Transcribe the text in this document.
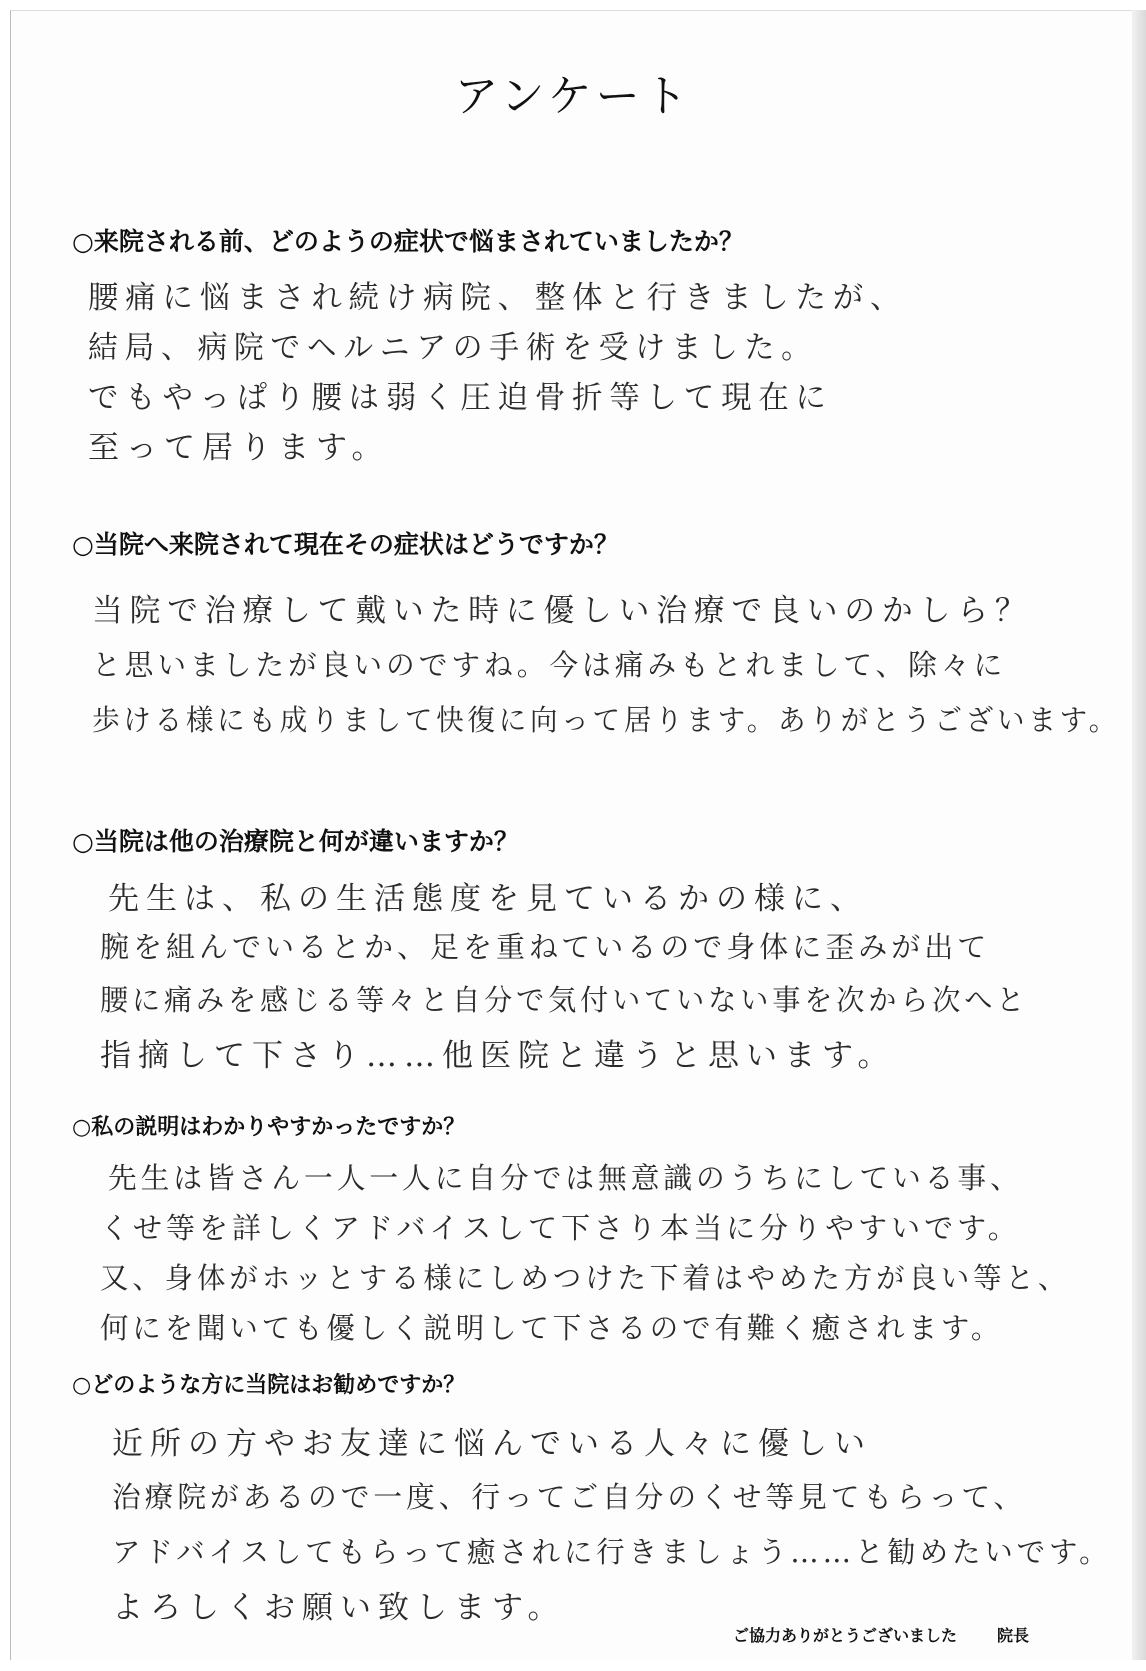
アンケート
○来院される前、どのようの症状で悩まされていましたか？
腰痛に悩まされ続け病院、整体と行きましたが、
結局、病院でヘルニアの手術を受けました。
でもやっぱり腰は弱く圧迫骨折等して現在に
至って居ります。
○当院へ来院されて現在その症状はどうですか？
当院で治療して戴いた時に優しい治療で良いのかしら？
と思いましたが良いのですね。今は痛みもとれまして、除々に
歩ける様にも成りまして快復に向って居ります。ありがとうございます。
○当院は他の治療院と何が違いますか？
先生は、私の生活態度を見ているかの様に、
腕を組んでいるとか、足を重ねているので身体に歪みが出て
腰に痛みを感じる等々と自分で気付いていない事を次から次へと
指摘して下さり……他医院と違うと思います。
○私の説明はわかりやすかったですか？
先生は皆さん一人一人に自分では無意識のうちにしている事、
くせ等を詳しくアドバイスして下さり本当に分りやすいです。
又、身体がホッとする様にしめつけた下着はやめた方が良い等と、
何にを聞いても優しく説明して下さるので有難く癒されます。
○どのような方に当院はお勧めですか？
近所の方やお友達に悩んでいる人々に優しい
治療院があるので一度、行ってご自分のくせ等見てもらって、
アドバイスしてもらって癒されに行きましょう……と勧めたいです。
よろしくお願い致します。
ご協力ありがとうございました	院長
